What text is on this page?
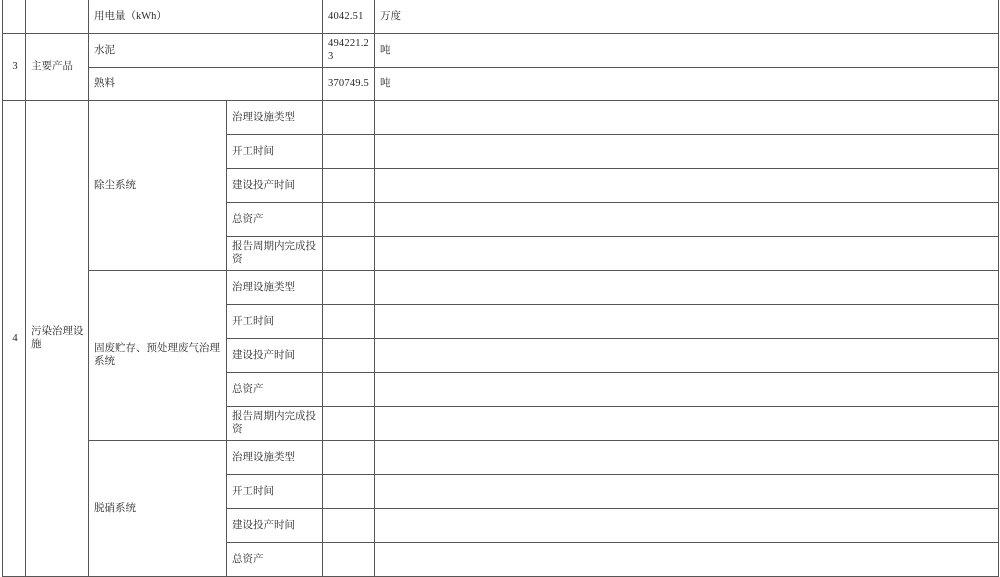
		用电量（kWh）		4042.51	万度
3	主要产品	水泥		494221.23	吨
		熟料		370749.5	吨
4	污染治理设施	除尘系统	治理设施类型		
			开工时间		
			建设投产时间		
			总资产		
			报告周期内完成投资		
		固废贮存、预处理废气治理系统	治理设施类型		
			开工时间		
			建设投产时间		
			总资产		
			报告周期内完成投资		
		脱硝系统	治理设施类型		
			开工时间		
			建设投产时间		
			总资产		
